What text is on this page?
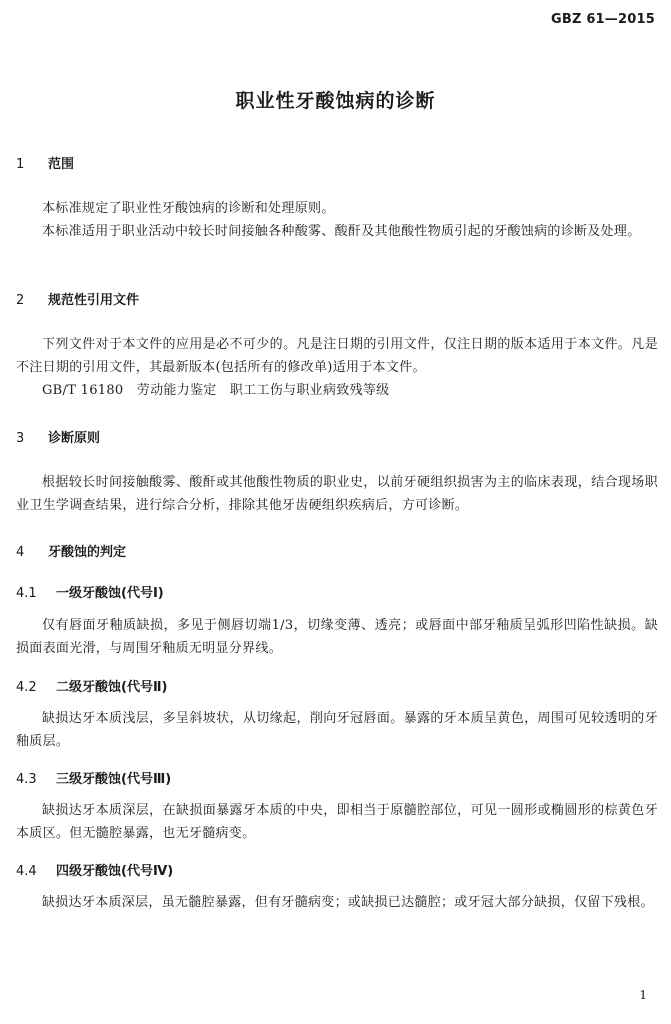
GBZ 61—2015
职业性牙酸蚀病的诊断
1 范围
本标准规定了职业性牙酸蚀病的诊断和处理原则。
本标准适用于职业活动中较长时间接触各种酸雾、酸酐及其他酸性物质引起的牙酸蚀病的诊断及处理。
2 规范性引用文件
下列文件对于本文件的应用是必不可少的。凡是注日期的引用文件，仅注日期的版本适用于本文件。凡是不注日期的引用文件，其最新版本(包括所有的修改单)适用于本文件。
GB/T 16180　劳动能力鉴定　职工工伤与职业病致残等级
3 诊断原则
根据较长时间接触酸雾、酸酐或其他酸性物质的职业史，以前牙硬组织损害为主的临床表现，结合现场职业卫生学调查结果，进行综合分析，排除其他牙齿硬组织疾病后，方可诊断。
4 牙酸蚀的判定
4.1 一级牙酸蚀(代号Ⅰ)
仅有唇面牙釉质缺损，多见于侧唇切端1/3，切缘变薄、透亮；或唇面中部牙釉质呈弧形凹陷性缺损。缺损面表面光滑，与周围牙釉质无明显分界线。
4.2 二级牙酸蚀(代号Ⅱ)
缺损达牙本质浅层，多呈斜坡状，从切缘起，削向牙冠唇面。暴露的牙本质呈黄色，周围可见较透明的牙釉质层。
4.3 三级牙酸蚀(代号Ⅲ)
缺损达牙本质深层，在缺损面暴露牙本质的中央，即相当于原髓腔部位，可见一圆形或椭圆形的棕黄色牙本质区。但无髓腔暴露，也无牙髓病变。
4.4 四级牙酸蚀(代号Ⅳ)
缺损达牙本质深层，虽无髓腔暴露，但有牙髓病变；或缺损已达髓腔；或牙冠大部分缺损，仅留下残根。
1
